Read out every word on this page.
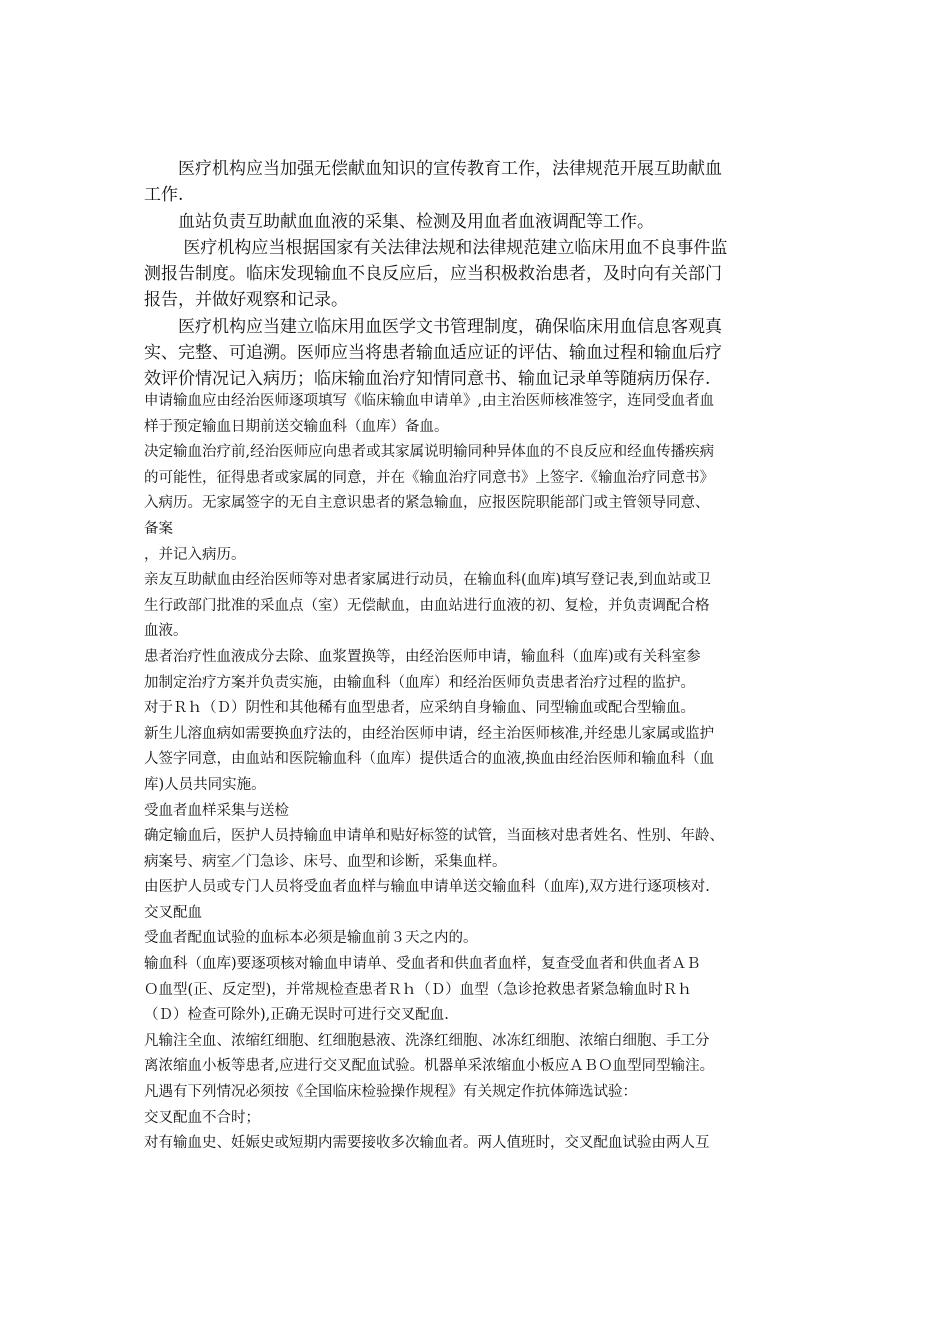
　　医疗机构应当加强无偿献血知识的宣传教育工作，法律规范开展互助献血
工作.

　　血站负责互助献血血液的采集、检测及用血者血液调配等工作。

　　 医疗机构应当根据国家有关法律法规和法律规范建立临床用血不良事件监
测报告制度。临床发现输血不良反应后，应当积极救治患者，及时向有关部门
报告，并做好观察和记录。

　　医疗机构应当建立临床用血医学文书管理制度，确保临床用血信息客观真
实、完整、可追溯。医师应当将患者输血适应证的评估、输血过程和输血后疗
效评价情况记入病历；临床输血治疗知情同意书、输血记录单等随病历保存.

申请输血应由经治医师逐项填写《临床输血申请单》,由主治医师核准签字，连同受血者血
样于预定输血日期前送交输血科（血库）备血。

决定输血治疗前,经治医师应向患者或其家属说明输同种异体血的不良反应和经血传播疾病
的可能性，征得患者或家属的同意，并在《输血治疗同意书》上签字.《输血治疗同意书》
入病历。无家属签字的无自主意识患者的紧急输血，应报医院职能部门或主管领导同意、
备案
，并记入病历。

亲友互助献血由经治医师等对患者家属进行动员，在输血科(血库)填写登记表,到血站或卫
生行政部门批准的采血点（室）无偿献血，由血站进行血液的初、复检，并负责调配合格
血液。

患者治疗性血液成分去除、血浆置换等，由经治医师申请，输血科（血库)或有关科室参
加制定治疗方案并负责实施，由输血科（血库）和经治医师负责患者治疗过程的监护。

对于Ｒｈ（Ｄ）阴性和其他稀有血型患者，应采纳自身输血、同型输血或配合型输血。

新生儿溶血病如需要换血疗法的，由经治医师申请，经主治医师核准,并经患儿家属或监护
人签字同意，由血站和医院输血科（血库）提供适合的血液,换血由经治医师和输血科（血
库)人员共同实施。

受血者血样采集与送检

确定输血后，医护人员持输血申请单和贴好标签的试管，当面核对患者姓名、性别、年龄、
病案号、病室／门急诊、床号、血型和诊断，采集血样。

由医护人员或专门人员将受血者血样与输血申请单送交输血科（血库),双方进行逐项核对.

交叉配血

受血者配血试验的血标本必须是输血前３天之内的。

输血科（血库)要逐项核对输血申请单、受血者和供血者血样，复查受血者和供血者ＡＢ
Ｏ血型(正、反定型)，并常规检查患者Ｒｈ（Ｄ）血型（急诊抢救患者紧急输血时Ｒｈ
（Ｄ）检查可除外),正确无误时可进行交叉配血.

凡输注全血、浓缩红细胞、红细胞悬液、洗涤红细胞、冰冻红细胞、浓缩白细胞、手工分
离浓缩血小板等患者,应进行交叉配血试验。机器单采浓缩血小板应ＡＢＯ血型同型输注。

凡遇有下列情况必须按《全国临床检验操作规程》有关规定作抗体筛选试验：

交叉配血不合时；

对有输血史、妊娠史或短期内需要接收多次输血者。两人值班时，交叉配血试验由两人互
